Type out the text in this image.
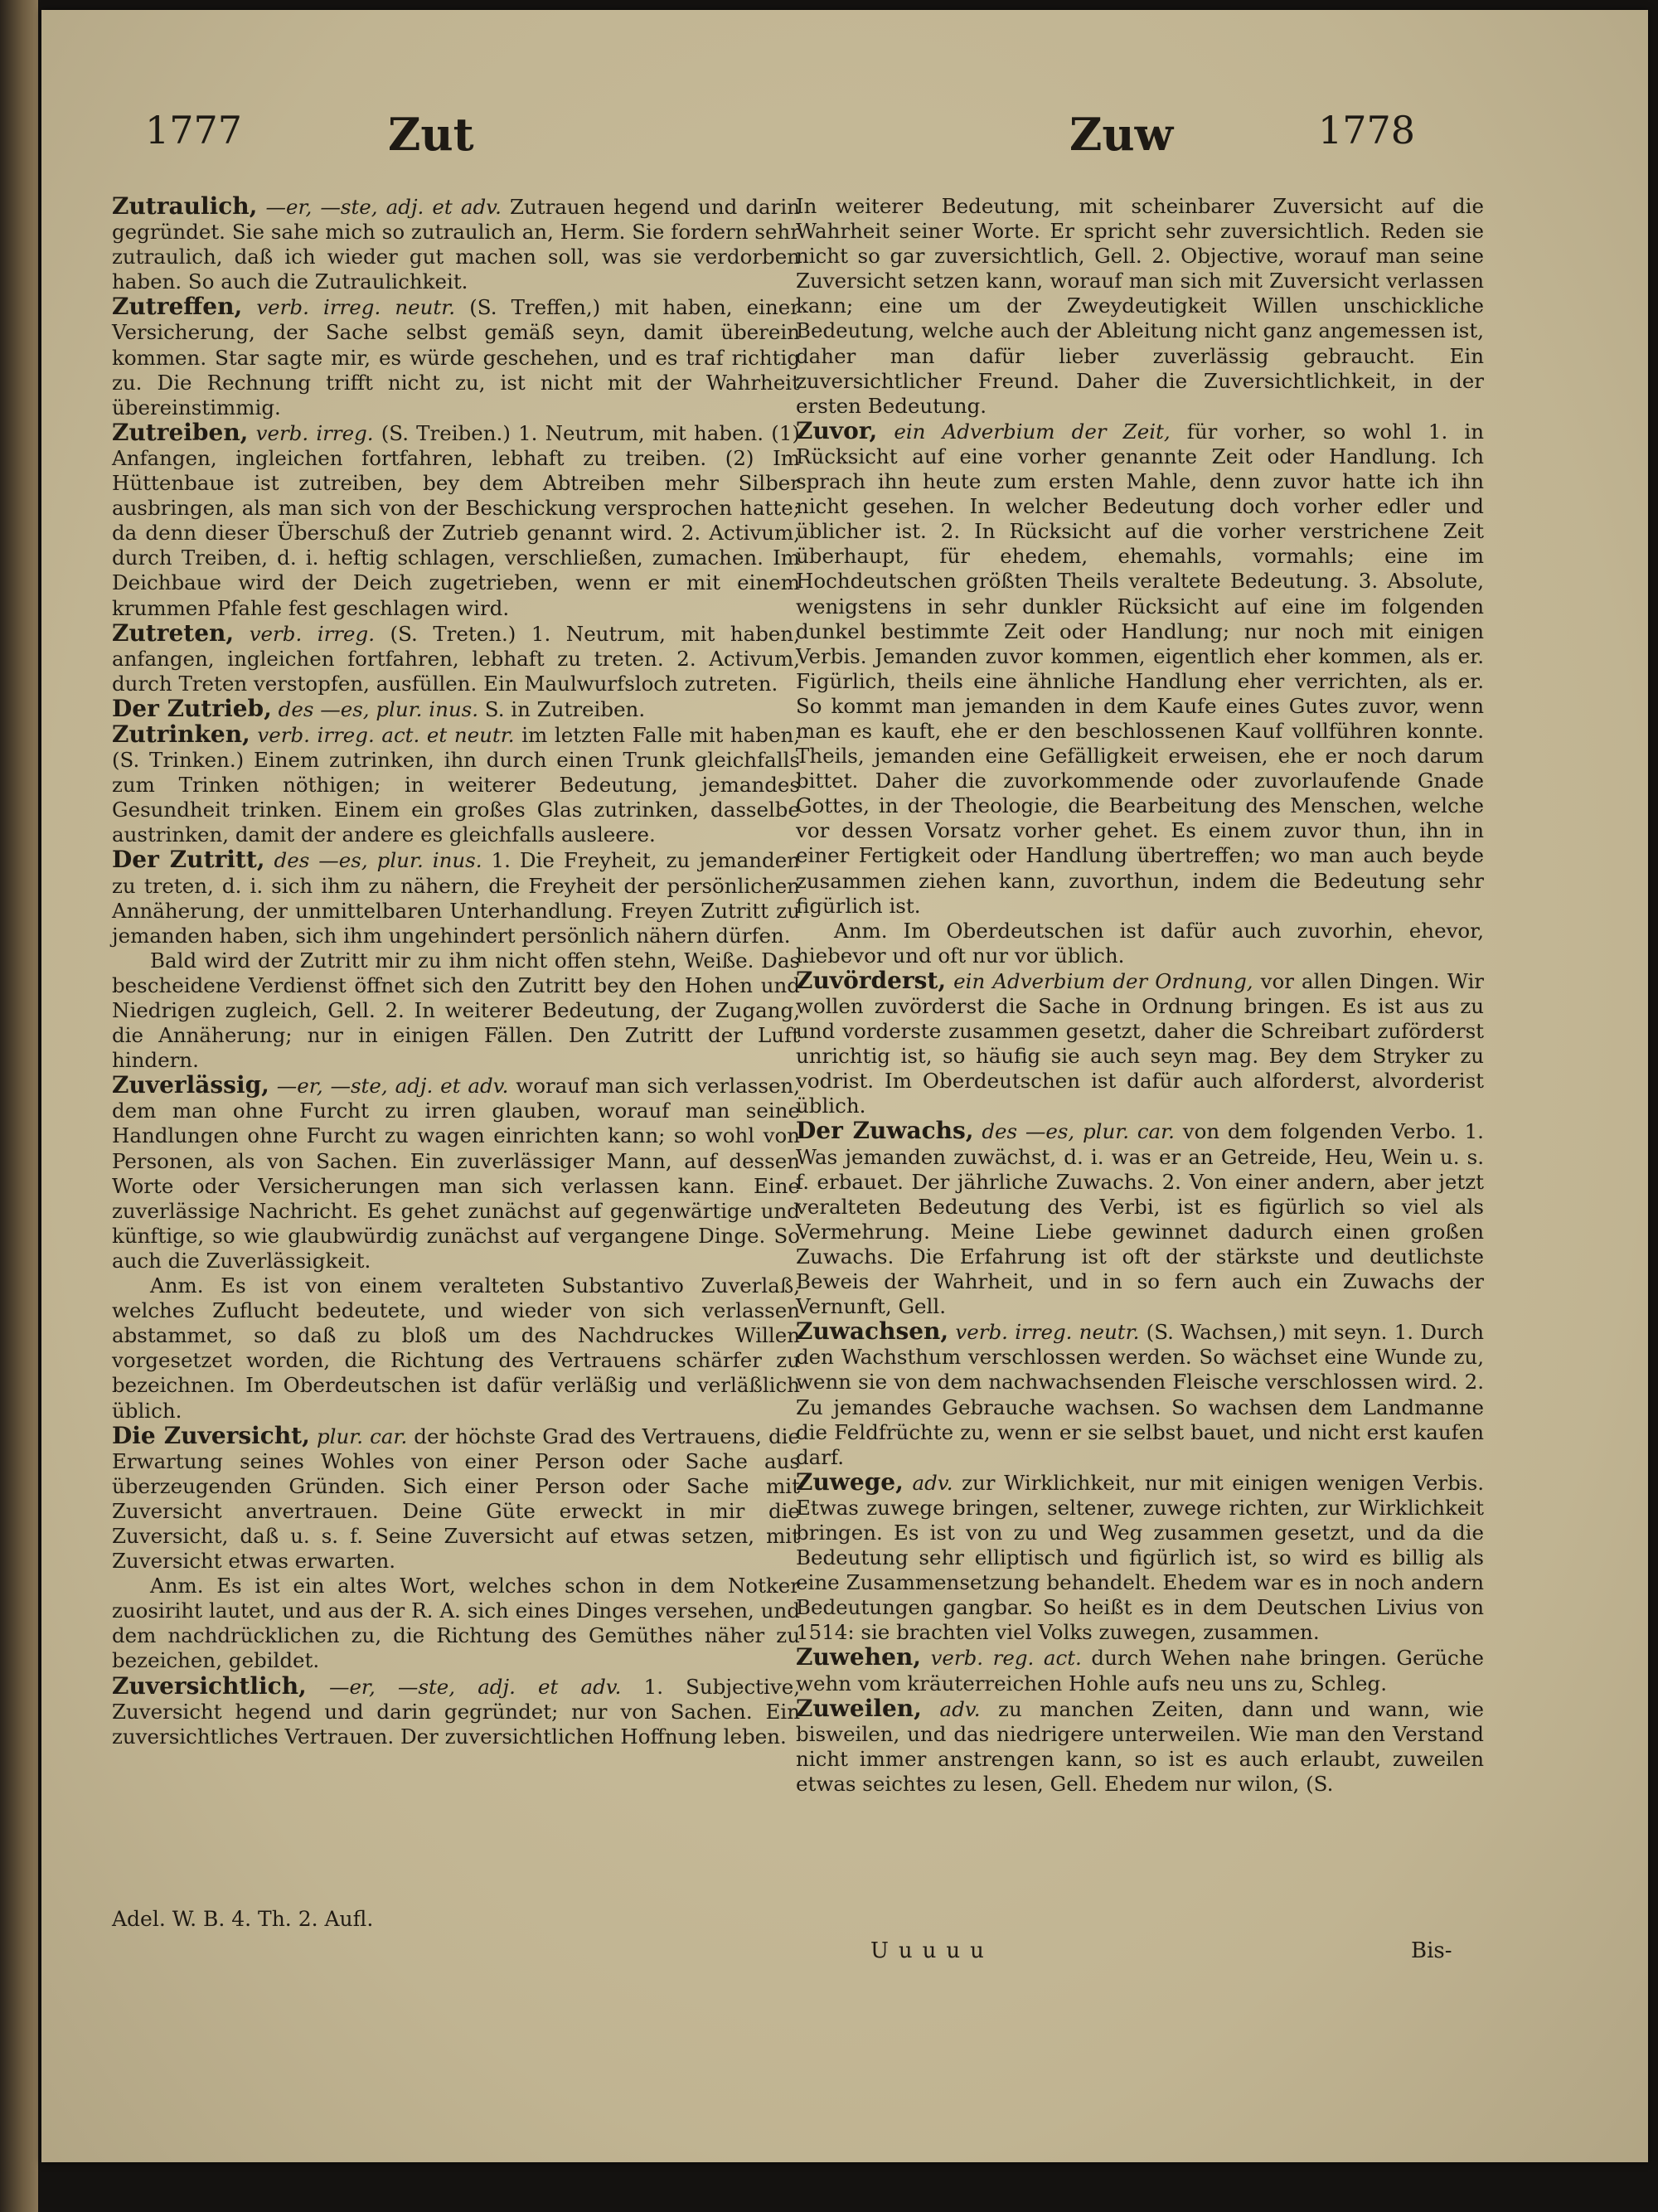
1777	Zut	Zuw	1778

Zutraulich, —er, —ste, adj. et adv. Zutrauen hegend und darin gegründet. Sie sahe mich so zutraulich an, Herm. Sie fordern sehr zutraulich, daß ich wieder gut machen soll, was sie verdorben haben. So auch die Zutraulichkeit.

Zutreffen, verb. irreg. neutr. (S. Treffen,) mit haben, einer Versicherung, der Sache selbst gemäß seyn, damit überein kommen. Star sagte mir, es würde geschehen, und es traf richtig zu. Die Rechnung trifft nicht zu, ist nicht mit der Wahrheit übereinstimmig.

Zutreiben, verb. irreg. (S. Treiben.) 1. Neutrum, mit haben. (1) Anfangen, ingleichen fortfahren, lebhaft zu treiben. (2) Im Hüttenbaue ist zutreiben, bey dem Abtreiben mehr Silber ausbringen, als man sich von der Beschickung versprochen hatte; da denn dieser Überschuß der Zutrieb genannt wird. 2. Activum, durch Treiben, d. i. heftig schlagen, verschließen, zumachen. Im Deichbaue wird der Deich zugetrieben, wenn er mit einem krummen Pfahle fest geschlagen wird.

Zutreten, verb. irreg. (S. Treten.) 1. Neutrum, mit haben, anfangen, ingleichen fortfahren, lebhaft zu treten. 2. Activum, durch Treten verstopfen, ausfüllen. Ein Maulwurfsloch zutreten.

Der Zutrieb, des —es, plur. inus. S. in Zutreiben.

Zutrinken, verb. irreg. act. et neutr. im letzten Falle mit haben, (S. Trinken.) Einem zutrinken, ihn durch einen Trunk gleichfalls zum Trinken nöthigen; in weiterer Bedeutung, jemandes Gesundheit trinken. Einem ein großes Glas zutrinken, dasselbe austrinken, damit der andere es gleichfalls ausleere.

Der Zutritt, des —es, plur. inus. 1. Die Freyheit, zu jemanden zu treten, d. i. sich ihm zu nähern, die Freyheit der persönlichen Annäherung, der unmittelbaren Unterhandlung. Freyen Zutritt zu jemanden haben, sich ihm ungehindert persönlich nähern dürfen.

Bald wird der Zutritt mir zu ihm nicht offen stehn, Weiße. Das bescheidene Verdienst öffnet sich den Zutritt bey den Hohen und Niedrigen zugleich, Gell. 2. In weiterer Bedeutung, der Zugang, die Annäherung; nur in einigen Fällen. Den Zutritt der Luft hindern.

Zuverlässig, —er, —ste, adj. et adv. worauf man sich verlassen, dem man ohne Furcht zu irren glauben, worauf man seine Handlungen ohne Furcht zu wagen einrichten kann; so wohl von Personen, als von Sachen. Ein zuverlässiger Mann, auf dessen Worte oder Versicherungen man sich verlassen kann. Eine zuverlässige Nachricht. Es gehet zunächst auf gegenwärtige und künftige, so wie glaubwürdig zunächst auf vergangene Dinge. So auch die Zuverlässigkeit.

Anm. Es ist von einem veralteten Substantivo Zuverlaß, welches Zuflucht bedeutete, und wieder von sich verlassen abstammet, so daß zu bloß um des Nachdruckes Willen vorgesetzet worden, die Richtung des Vertrauens schärfer zu bezeichnen. Im Oberdeutschen ist dafür verläßig und verläßlich üblich.

Die Zuversicht, plur. car. der höchste Grad des Vertrauens, die Erwartung seines Wohles von einer Person oder Sache aus überzeugenden Gründen. Sich einer Person oder Sache mit Zuversicht anvertrauen. Deine Güte erweckt in mir die Zuversicht, daß u. s. f. Seine Zuversicht auf etwas setzen, mit Zuversicht etwas erwarten.

Anm. Es ist ein altes Wort, welches schon in dem Notker zuosiriht lautet, und aus der R. A. sich eines Dinges versehen, und dem nachdrücklichen zu, die Richtung des Gemüthes näher zu bezeichen, gebildet.

Zuversichtlich, —er, —ste, adj. et adv. 1. Subjective, Zuversicht hegend und darin gegründet; nur von Sachen. Ein zuversichtliches Vertrauen. Der zuversichtlichen Hoffnung leben.

In weiterer Bedeutung, mit scheinbarer Zuversicht auf die Wahrheit seiner Worte. Er spricht sehr zuversichtlich. Reden sie nicht so gar zuversichtlich, Gell. 2. Objective, worauf man seine Zuversicht setzen kann, worauf man sich mit Zuversicht verlassen kann; eine um der Zweydeutigkeit Willen unschickliche Bedeutung, welche auch der Ableitung nicht ganz angemessen ist, daher man dafür lieber zuverlässig gebraucht. Ein zuversichtlicher Freund. Daher die Zuversichtlichkeit, in der ersten Bedeutung.

Zuvor, ein Adverbium der Zeit, für vorher, so wohl 1. in Rücksicht auf eine vorher genannte Zeit oder Handlung. Ich sprach ihn heute zum ersten Mahle, denn zuvor hatte ich ihn nicht gesehen. In welcher Bedeutung doch vorher edler und üblicher ist. 2. In Rücksicht auf die vorher verstrichene Zeit überhaupt, für ehedem, ehemahls, vormahls; eine im Hochdeutschen größten Theils veraltete Bedeutung. 3. Absolute, wenigstens in sehr dunkler Rücksicht auf eine im folgenden dunkel bestimmte Zeit oder Handlung; nur noch mit einigen Verbis. Jemanden zuvor kommen, eigentlich eher kommen, als er. Figürlich, theils eine ähnliche Handlung eher verrichten, als er. So kommt man jemanden in dem Kaufe eines Gutes zuvor, wenn man es kauft, ehe er den beschlossenen Kauf vollführen konnte. Theils, jemanden eine Gefälligkeit erweisen, ehe er noch darum bittet. Daher die zuvorkommende oder zuvorlaufende Gnade Gottes, in der Theologie, die Bearbeitung des Menschen, welche vor dessen Vorsatz vorher gehet. Es einem zuvor thun, ihn in einer Fertigkeit oder Handlung übertreffen; wo man auch beyde zusammen ziehen kann, zuvorthun, indem die Bedeutung sehr figürlich ist.

Anm. Im Oberdeutschen ist dafür auch zuvorhin, ehevor, hiebevor und oft nur vor üblich.

Zuvörderst, ein Adverbium der Ordnung, vor allen Dingen. Wir wollen zuvörderst die Sache in Ordnung bringen. Es ist aus zu und vorderste zusammen gesetzt, daher die Schreibart zuförderst unrichtig ist, so häufig sie auch seyn mag. Bey dem Stryker zu vodrist. Im Oberdeutschen ist dafür auch alforderst, alvorderist üblich.

Der Zuwachs, des —es, plur. car. von dem folgenden Verbo. 1. Was jemanden zuwächst, d. i. was er an Getreide, Heu, Wein u. s. f. erbauet. Der jährliche Zuwachs. 2. Von einer andern, aber jetzt veralteten Bedeutung des Verbi, ist es figürlich so viel als Vermehrung. Meine Liebe gewinnet dadurch einen großen Zuwachs. Die Erfahrung ist oft der stärkste und deutlichste Beweis der Wahrheit, und in so fern auch ein Zuwachs der Vernunft, Gell.

Zuwachsen, verb. irreg. neutr. (S. Wachsen,) mit seyn. 1. Durch den Wachsthum verschlossen werden. So wächset eine Wunde zu, wenn sie von dem nachwachsenden Fleische verschlossen wird. 2. Zu jemandes Gebrauche wachsen. So wachsen dem Landmanne die Feldfrüchte zu, wenn er sie selbst bauet, und nicht erst kaufen darf.

Zuwege, adv. zur Wirklichkeit, nur mit einigen wenigen Verbis. Etwas zuwege bringen, seltener, zuwege richten, zur Wirklichkeit bringen. Es ist von zu und Weg zusammen gesetzt, und da die Bedeutung sehr elliptisch und figürlich ist, so wird es billig als eine Zusammensetzung behandelt. Ehedem war es in noch andern Bedeutungen gangbar. So heißt es in dem Deutschen Livius von 1514: sie brachten viel Volks zuwegen, zusammen.

Zuwehen, verb. reg. act. durch Wehen nahe bringen. Gerüche wehn vom kräuterreichen Hohle aufs neu uns zu, Schleg.

Zuweilen, adv. zu manchen Zeiten, dann und wann, wie bisweilen, und das niedrigere unterweilen. Wie man den Verstand nicht immer anstrengen kann, so ist es auch erlaubt, zuweilen etwas seichtes zu lesen, Gell. Ehedem nur wilon, (S.

Adel. W. B. 4. Th. 2. Aufl.
Uuuuu	Bis-
